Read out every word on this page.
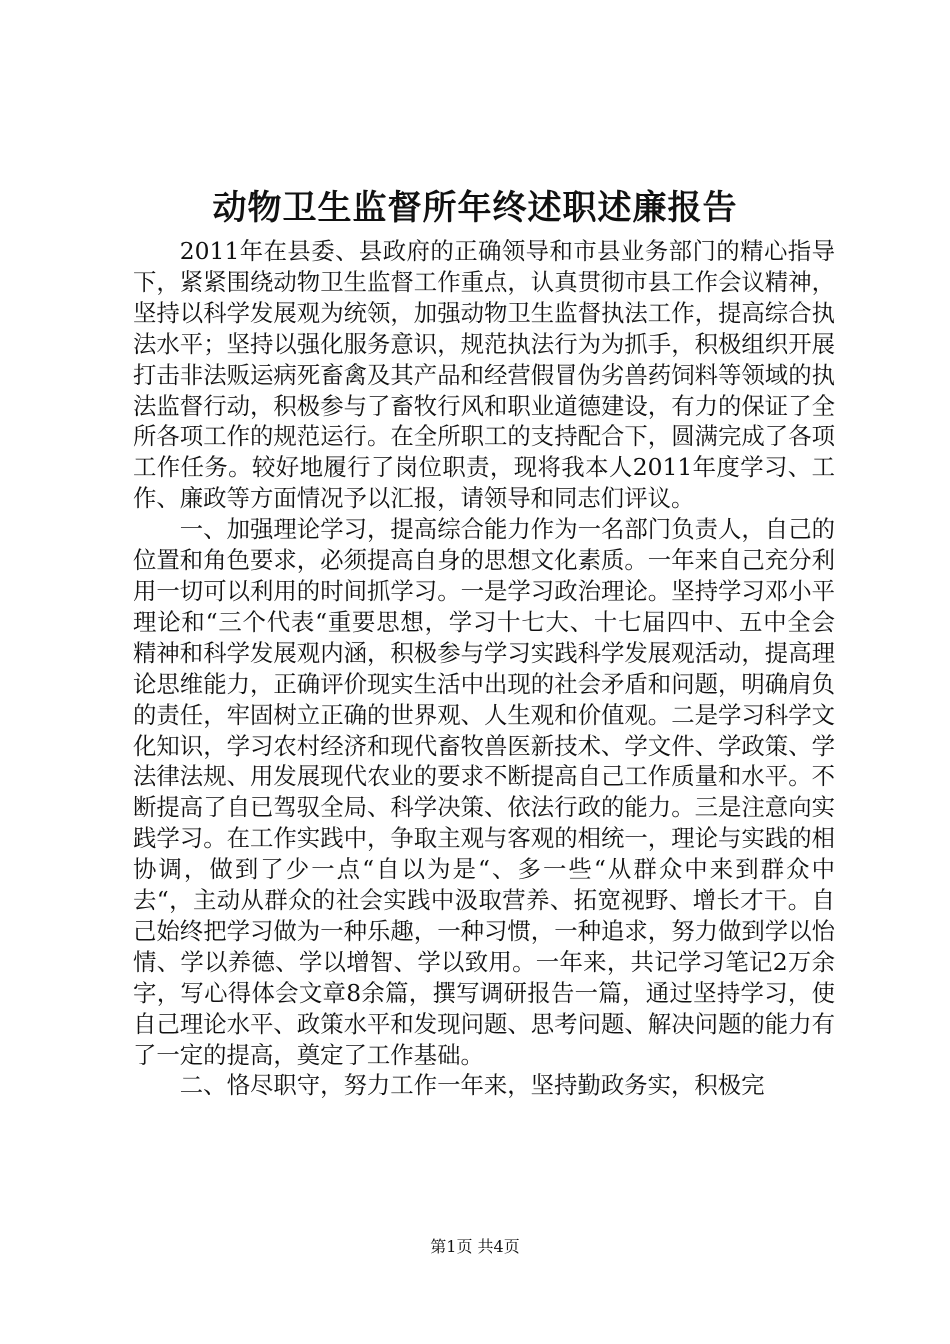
动物卫生监督所年终述职述廉报告

2011年在县委、县政府的正确领导和市县业务部门的精心指导下，紧紧围绕动物卫生监督工作重点，认真贯彻市县工作会议精神，坚持以科学发展观为统领，加强动物卫生监督执法工作，提高综合执法水平；坚持以强化服务意识，规范执法行为为抓手，积极组织开展打击非法贩运病死畜禽及其产品和经营假冒伪劣兽药饲料等领域的执法监督行动，积极参与了畜牧行风和职业道德建设，有力的保证了全所各项工作的规范运行。在全所职工的支持配合下，圆满完成了各项工作任务。较好地履行了岗位职责，现将我本人2011年度学习、工作、廉政等方面情况予以汇报，请领导和同志们评议。

一、加强理论学习，提高综合能力作为一名部门负责人，自己的位置和角色要求，必须提高自身的思想文化素质。一年来自己充分利用一切可以利用的时间抓学习。一是学习政治理论。坚持学习邓小平理论和“三个代表“重要思想，学习十七大、十七届四中、五中全会精神和科学发展观内涵，积极参与学习实践科学发展观活动，提高理论思维能力，正确评价现实生活中出现的社会矛盾和问题，明确肩负的责任，牢固树立正确的世界观、人生观和价值观。二是学习科学文化知识，学习农村经济和现代畜牧兽医新技术、学文件、学政策、学法律法规、用发展现代农业的要求不断提高自己工作质量和水平。不断提高了自已驾驭全局、科学决策、依法行政的能力。三是注意向实践学习。在工作实践中，争取主观与客观的相统一，理论与实践的相协调，做到了少一点“自以为是“、多一些“从群众中来到群众中去“，主动从群众的社会实践中汲取营养、拓宽视野、增长才干。自己始终把学习做为一种乐趣，一种习惯，一种追求，努力做到学以怡情、学以养德、学以增智、学以致用。一年来，共记学习笔记2万余字，写心得体会文章8余篇，撰写调研报告一篇，通过坚持学习，使自己理论水平、政策水平和发现问题、思考问题、解决问题的能力有了一定的提高，奠定了工作基础。

二、恪尽职守，努力工作一年来，坚持勤政务实，积极完

第1页 共4页
